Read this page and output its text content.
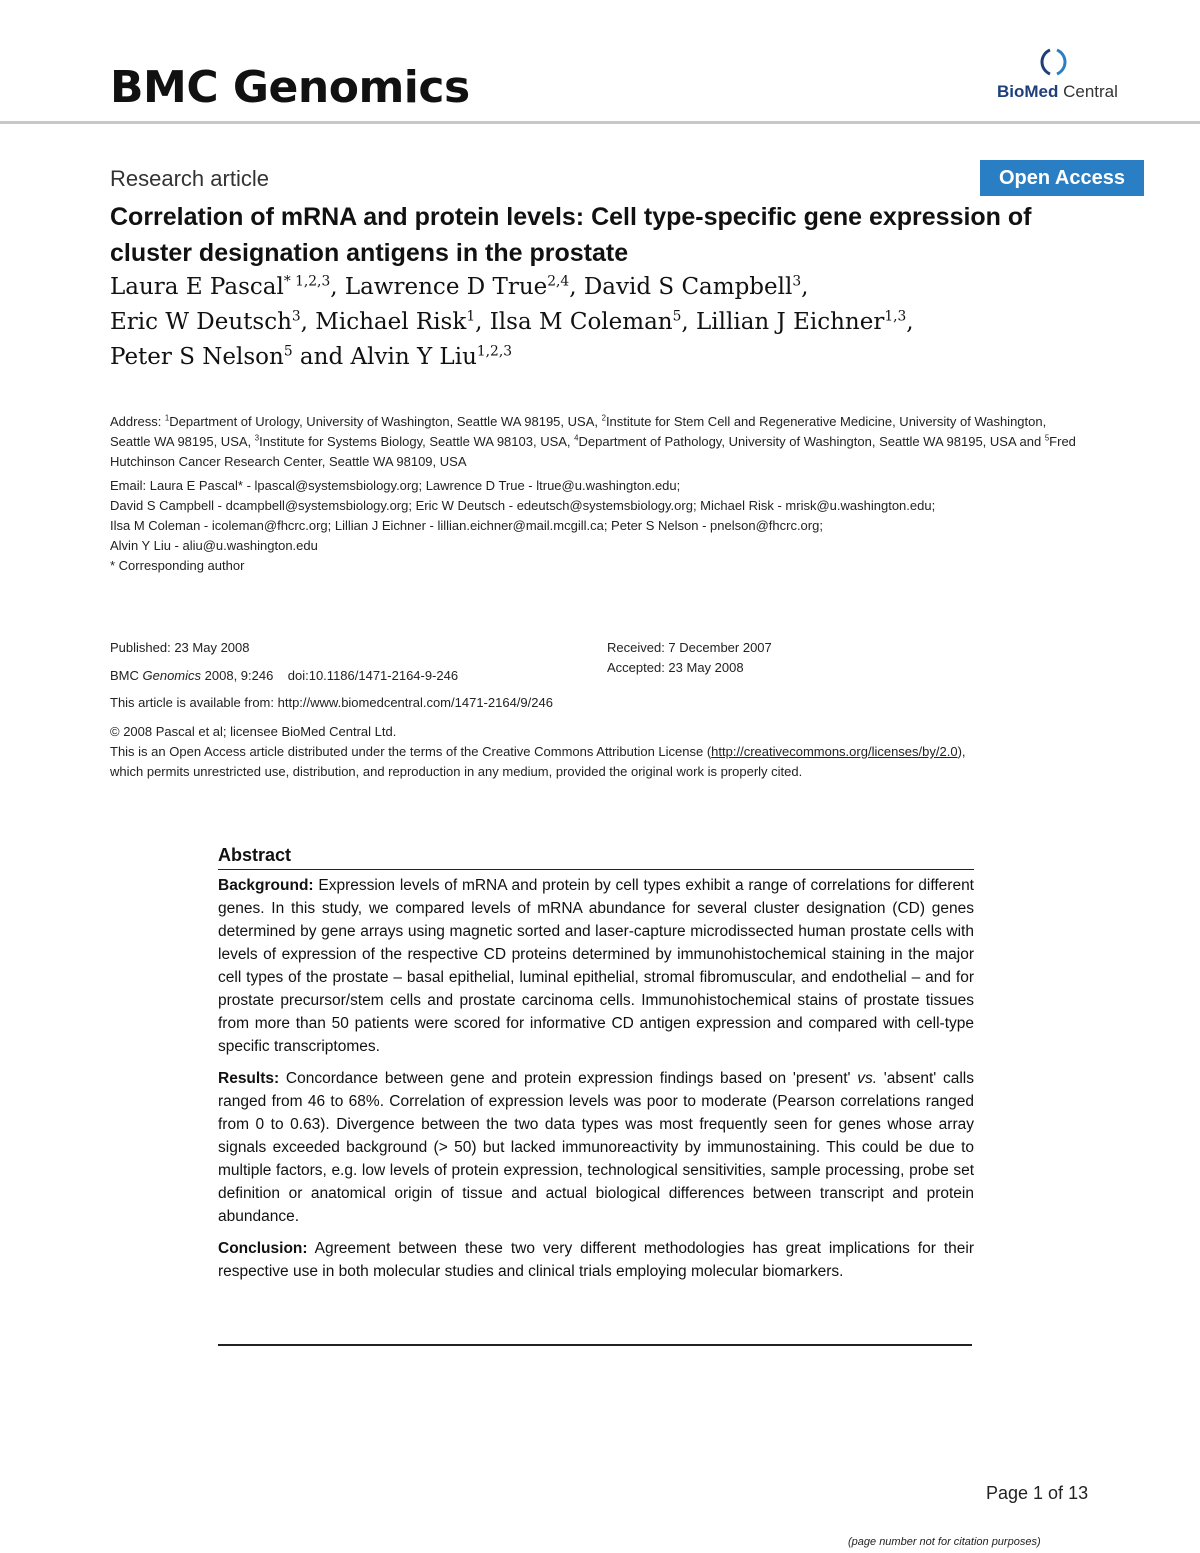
BMC Genomics	BioMed Central
Research article	Open Access
Correlation of mRNA and protein levels: Cell type-specific gene expression of cluster designation antigens in the prostate
Laura E Pascal$^{* 1,2,3}$, Lawrence D True$^{2,4}$, David S Campbell$^3$,
Eric W Deutsch$^3$, Michael Risk$^1$, Ilsa M Coleman$^5$, Lillian J Eichner$^{1,3}$,
Peter S Nelson$^5$ and Alvin Y Liu$^{1,2,3}$
Address: $^1$Department of Urology, University of Washington, Seattle WA 98195, USA, $^2$Institute for Stem Cell and Regenerative Medicine, University of Washington, Seattle WA 98195, USA, $^3$Institute for Systems Biology, Seattle WA 98103, USA, $^4$Department of Pathology, University of Washington, Seattle WA 98195, USA and $^5$Fred Hutchinson Cancer Research Center, Seattle WA 98109, USA
Email: Laura E Pascal* - lpascal@systemsbiology.org; Lawrence D True - ltrue@u.washington.edu;
David S Campbell - dcampbell@systemsbiology.org; Eric W Deutsch - edeutsch@systemsbiology.org; Michael Risk - mrisk@u.washington.edu;
Ilsa M Coleman - icoleman@fhcrc.org; Lillian J Eichner - lillian.eichner@mail.mcgill.ca; Peter S Nelson - pnelson@fhcrc.org;
Alvin Y Liu - aliu@u.washington.edu
* Corresponding author
Published: 23 May 2008
BMC Genomics 2008, 9:246    doi:10.1186/1471-2164-9-246
Received: 7 December 2007
Accepted: 23 May 2008
This article is available from: http://www.biomedcentral.com/1471-2164/9/246
© 2008 Pascal et al; licensee BioMed Central Ltd.
This is an Open Access article distributed under the terms of the Creative Commons Attribution License (http://creativecommons.org/licenses/by/2.0),
which permits unrestricted use, distribution, and reproduction in any medium, provided the original work is properly cited.
Abstract

Background: Expression levels of mRNA and protein by cell types exhibit a range of correlations for different genes. In this study, we compared levels of mRNA abundance for several cluster designation (CD) genes determined by gene arrays using magnetic sorted and laser-capture microdissected human prostate cells with levels of expression of the respective CD proteins determined by immunohistochemical staining in the major cell types of the prostate – basal epithelial, luminal epithelial, stromal fibromuscular, and endothelial – and for prostate precursor/stem cells and prostate carcinoma cells. Immunohistochemical stains of prostate tissues from more than 50 patients were scored for informative CD antigen expression and compared with cell-type specific transcriptomes.

Results: Concordance between gene and protein expression findings based on 'present' vs. 'absent' calls ranged from 46 to 68%. Correlation of expression levels was poor to moderate (Pearson correlations ranged from 0 to 0.63). Divergence between the two data types was most frequently seen for genes whose array signals exceeded background (> 50) but lacked immunoreactivity by immunostaining. This could be due to multiple factors, e.g. low levels of protein expression, technological sensitivities, sample processing, probe set definition or anatomical origin of tissue and actual biological differences between transcript and protein abundance.

Conclusion: Agreement between these two very different methodologies has great implications for their respective use in both molecular studies and clinical trials employing molecular biomarkers.

Page 1 of 13
(page number not for citation purposes)
